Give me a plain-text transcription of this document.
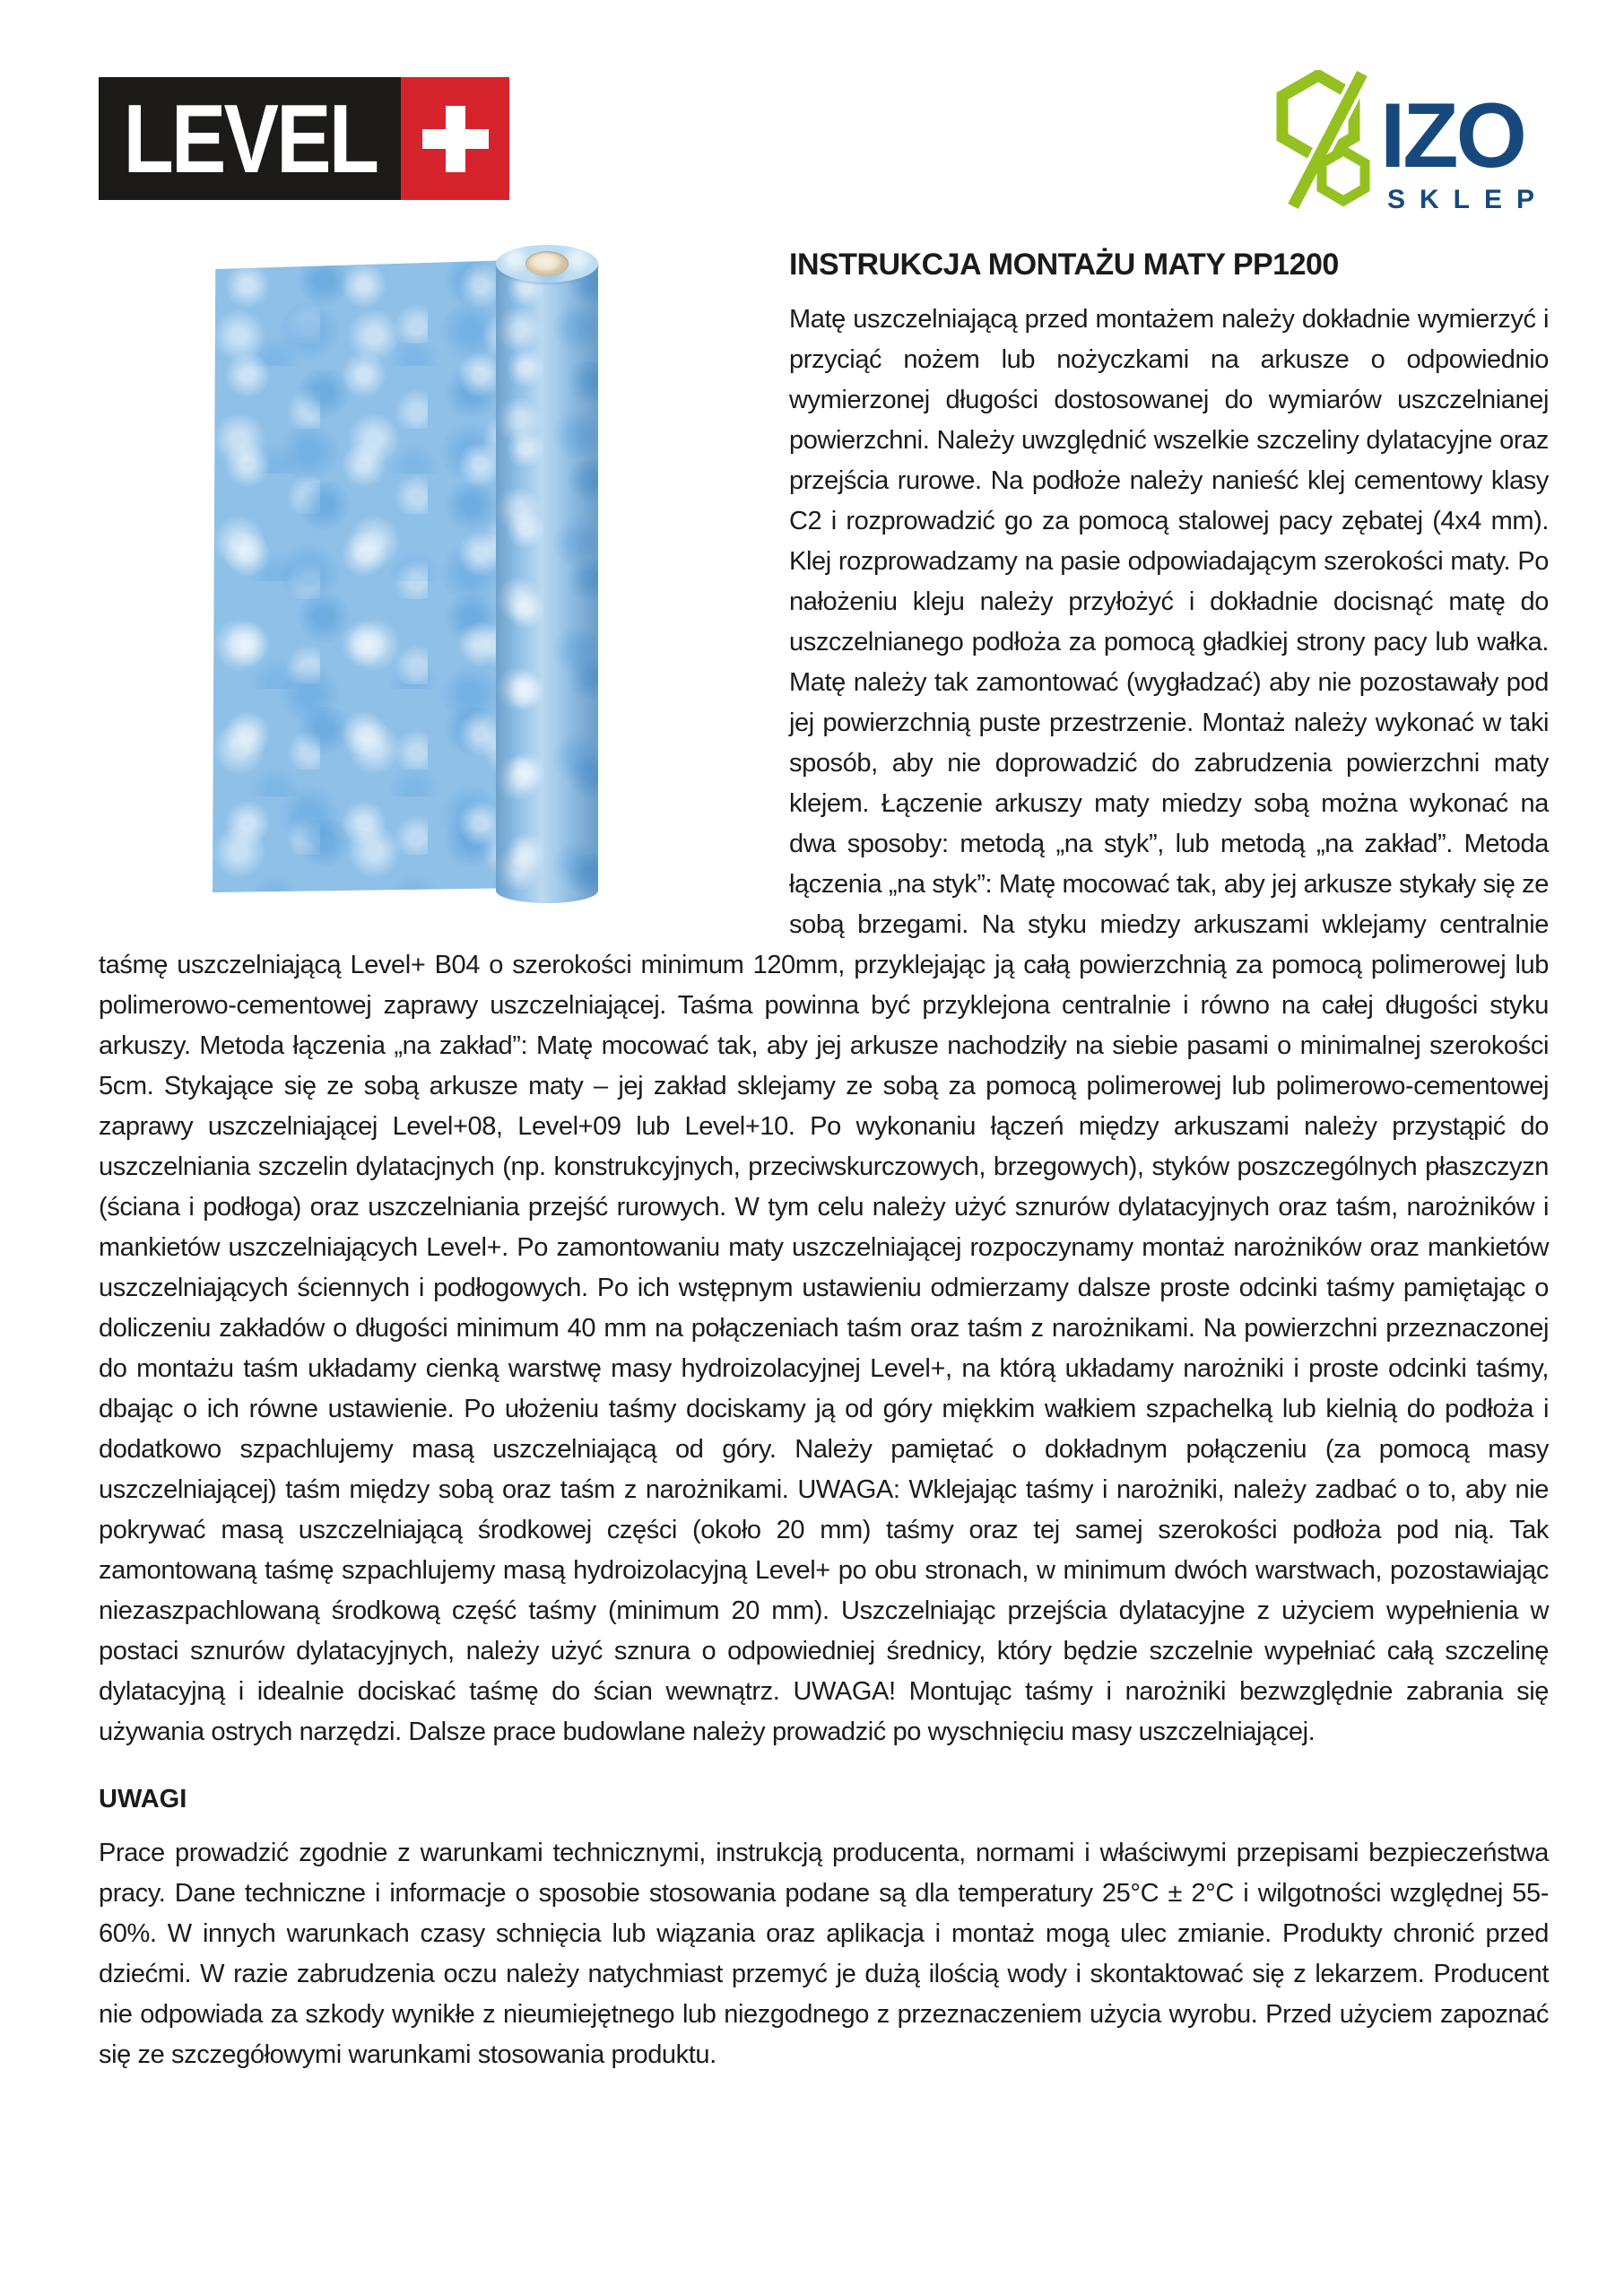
LEVEL	IZO
SKLEP
INSTRUKCJA MONTAŻU MATY PP1200

Matę uszczelniającą przed montażem należy dokładnie wymierzyć i przyciąć nożem lub nożyczkami na arkusze o odpowiednio wymierzonej długości dostosowanej do wymiarów uszczelnianej powierzchni. Należy uwzględnić wszelkie szczeliny dylatacyjne oraz przejścia rurowe. Na podłoże należy nanieść klej cementowy klasy C2 i rozprowadzić go za pomocą stalowej pacy zębatej (4x4 mm). Klej rozprowadzamy na pasie odpowiadającym szerokości maty. Po nałożeniu kleju należy przyłożyć i dokładnie docisnąć matę do uszczelnianego podłoża za pomocą gładkiej strony pacy lub wałka. Matę należy tak zamontować (wygładzać) aby nie pozostawały pod jej powierzchnią puste przestrzenie. Montaż należy wykonać w taki sposób, aby nie doprowadzić do zabrudzenia powierzchni maty klejem. Łączenie arkuszy maty miedzy sobą można wykonać na dwa sposoby: metodą „na styk”, lub metodą „na zakład”. Metoda łączenia „na styk”: Matę mocować tak, aby jej arkusze stykały się ze sobą brzegami. Na styku miedzy arkuszami wklejamy centralnie taśmę uszczelniającą Level+ B04 o szerokości minimum 120mm, przyklejając ją całą powierzchnią za pomocą polimerowej lub polimerowo-cementowej zaprawy uszczelniającej. Taśma powinna być przyklejona centralnie i równo na całej długości styku arkuszy. Metoda łączenia „na zakład”: Matę mocować tak, aby jej arkusze nachodziły na siebie pasami o minimalnej szerokości 5cm. Stykające się ze sobą arkusze maty – jej zakład sklejamy ze sobą za pomocą polimerowej lub polimerowo-cementowej zaprawy uszczelniającej Level+08, Level+09 lub Level+10. Po wykonaniu łączeń między arkuszami należy przystąpić do uszczelniania szczelin dylatacjnych (np. konstrukcyjnych, przeciwskurczowych, brzegowych), styków poszczególnych płaszczyzn (ściana i podłoga) oraz uszczelniania przejść rurowych. W tym celu należy użyć sznurów dylatacyjnych oraz taśm, narożników i mankietów uszczelniających Level+. Po zamontowaniu maty uszczelniającej rozpoczynamy montaż narożników oraz mankietów uszczelniających ściennych i podłogowych. Po ich wstępnym ustawieniu odmierzamy dalsze proste odcinki taśmy pamiętając o doliczeniu zakładów o długości minimum 40 mm na połączeniach taśm oraz taśm z narożnikami. Na powierzchni przeznaczonej do montażu taśm układamy cienką warstwę masy hydroizolacyjnej Level+, na którą układamy narożniki i proste odcinki taśmy, dbając o ich równe ustawienie. Po ułożeniu taśmy dociskamy ją od góry miękkim wałkiem szpachelką lub kielnią do podłoża i dodatkowo szpachlujemy masą uszczelniającą od góry. Należy pamiętać o dokładnym połączeniu (za pomocą masy uszczelniającej) taśm między sobą oraz taśm z narożnikami. UWAGA: Wklejając taśmy i narożniki, należy zadbać o to, aby nie pokrywać masą uszczelniającą środkowej części (około 20 mm) taśmy oraz tej samej szerokości podłoża pod nią. Tak zamontowaną taśmę szpachlujemy masą hydroizolacyjną Level+ po obu stronach, w minimum dwóch warstwach, pozostawiając niezaszpachlowaną środkową część taśmy (minimum 20 mm). Uszczelniając przejścia dylatacyjne z użyciem wypełnienia w postaci sznurów dylatacyjnych, należy użyć sznura o odpowiedniej średnicy, który będzie szczelnie wypełniać całą szczelinę dylatacyjną i idealnie dociskać taśmę do ścian wewnątrz. UWAGA! Montując taśmy i narożniki bezwzględnie zabrania się używania ostrych narzędzi. Dalsze prace budowlane należy prowadzić po wyschnięciu masy uszczelniającej.

UWAGI

Prace prowadzić zgodnie z warunkami technicznymi, instrukcją producenta, normami i właściwymi przepisami bezpieczeństwa pracy. Dane techniczne i informacje o sposobie stosowania podane są dla temperatury 25°C ± 2°C i wilgotności względnej 55-60%. W innych warunkach czasy schnięcia lub wiązania oraz aplikacja i montaż mogą ulec zmianie. Produkty chronić przed dziećmi. W razie zabrudzenia oczu należy natychmiast przemyć je dużą ilością wody i skontaktować się z lekarzem. Producent nie odpowiada za szkody wynikłe z nieumiejętnego lub niezgodnego z przeznaczeniem użycia wyrobu. Przed użyciem zapoznać się ze szczegółowymi warunkami stosowania produktu.
